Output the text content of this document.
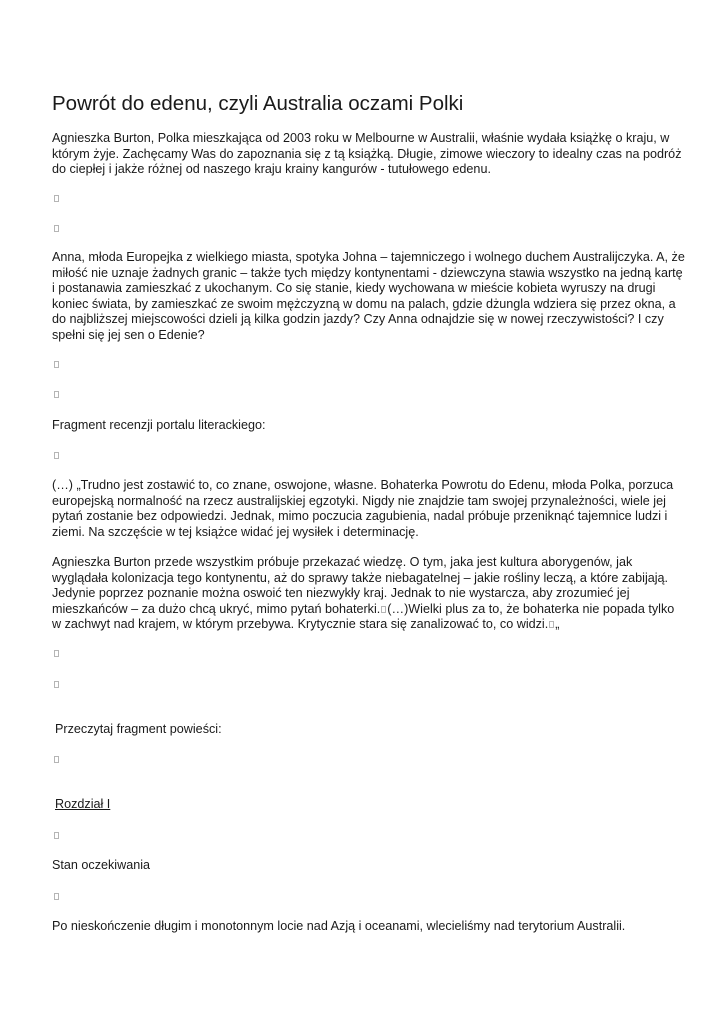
Powrót do edenu, czyli Australia oczami Polki

Agnieszka Burton, Polka mieszkająca od 2003 roku w Melbourne w Australii, właśnie wydała książkę o kraju, w
którym żyje. Zachęcamy Was do zapoznania się z tą książką. Długie, zimowe wieczory to idealny czas na podróż
do ciepłej i jakże różnej od naszego kraju krainy kangurów - tutułowego edenu.

Anna, młoda Europejka z wielkiego miasta, spotyka Johna – tajemniczego i wolnego duchem Australijczyka. A, że
miłość nie uznaje żadnych granic – także tych między kontynentami - dziewczyna stawia wszystko na jedną kartę
i postanawia zamieszkać z ukochanym. Co się stanie, kiedy wychowana w mieście kobieta wyruszy na drugi
koniec świata, by zamieszkać ze swoim mężczyzną w domu na palach, gdzie dżungla wdziera się przez okna, a
do najbliższej miejscowości dzieli ją kilka godzin jazdy? Czy Anna odnajdzie się w nowej rzeczywistości? I czy
spełni się jej sen o Edenie?

Fragment recenzji portalu literackiego:

(…) „Trudno jest zostawić to, co znane, oswojone, własne. Bohaterka Powrotu do Edenu, młoda Polka, porzuca
europejską normalność na rzecz australijskiej egzotyki. Nigdy nie znajdzie tam swojej przynależności, wiele jej
pytań zostanie bez odpowiedzi. Jednak, mimo poczucia zagubienia, nadal próbuje przeniknąć tajemnice ludzi i
ziemi. Na szczęście w tej książce widać jej wysiłek i determinację.

Agnieszka Burton przede wszystkim próbuje przekazać wiedzę. O tym, jaka jest kultura aborygenów, jak
wyglądała kolonizacja tego kontynentu, aż do sprawy także niebagatelnej – jakie rośliny leczą, a które zabijają.
Jedynie poprzez poznanie można oswoić ten niezwykły kraj. Jednak to nie wystarcza, aby zrozumieć jej
mieszkańców – za dużo chcą ukryć, mimo pytań bohaterki. (…)Wielki plus za to, że bohaterka nie popada tylko
w zachwyt nad krajem, w którym przebywa. Krytycznie stara się zanalizować to, co widzi. „

Przeczytaj fragment powieści:

Rozdział I

Stan oczekiwania

Po nieskończenie długim i monotonnym locie nad Azją i oceanami, wlecieliśmy nad terytorium Australii.
